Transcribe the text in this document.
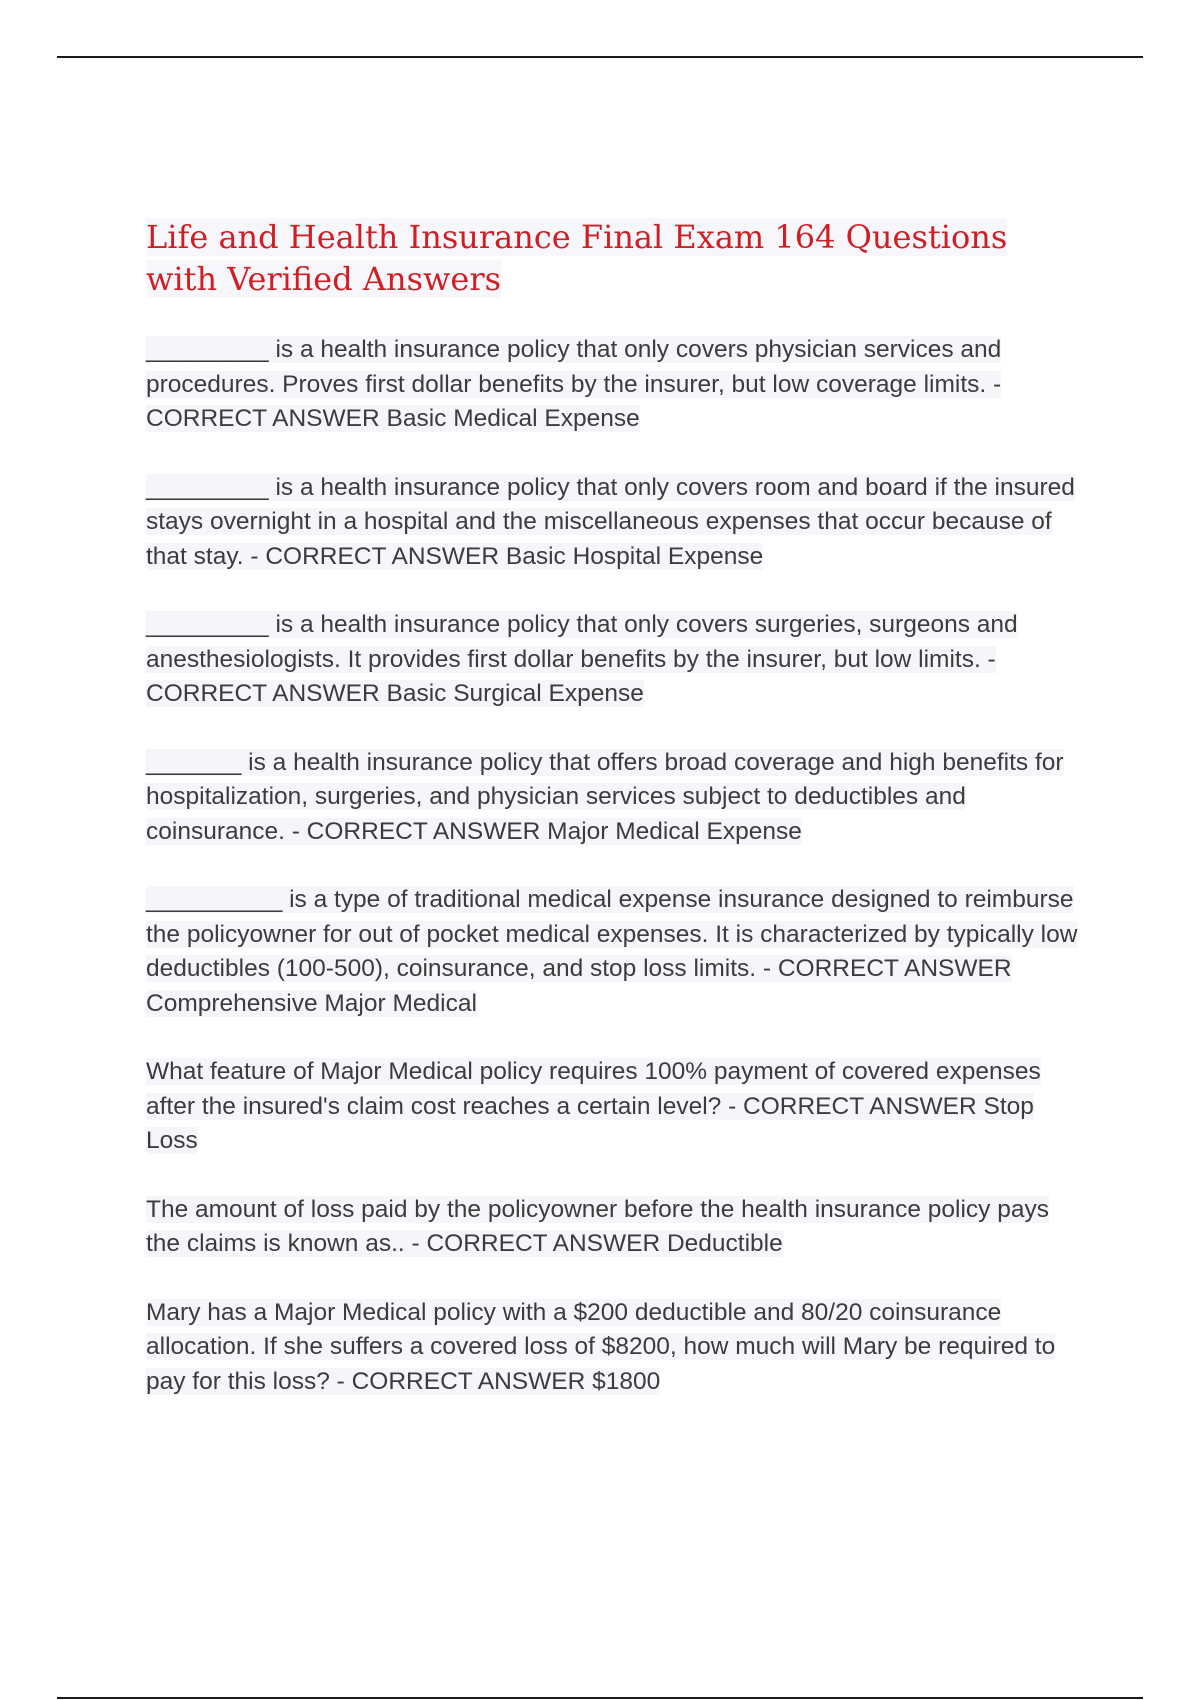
Life and Health Insurance Final Exam 164 Questions with Verified Answers

_________ is a health insurance policy that only covers physician services and procedures. Proves first dollar benefits by the insurer, but low coverage limits. - CORRECT ANSWER Basic Medical Expense

_________ is a health insurance policy that only covers room and board if the insured stays overnight in a hospital and the miscellaneous expenses that occur because of that stay. - CORRECT ANSWER Basic Hospital Expense

_________ is a health insurance policy that only covers surgeries, surgeons and anesthesiologists. It provides first dollar benefits by the insurer, but low limits. - CORRECT ANSWER Basic Surgical Expense

_______ is a health insurance policy that offers broad coverage and high benefits for hospitalization, surgeries, and physician services subject to deductibles and coinsurance. - CORRECT ANSWER Major Medical Expense

__________ is a type of traditional medical expense insurance designed to reimburse the policyowner for out of pocket medical expenses. It is characterized by typically low deductibles (100-500), coinsurance, and stop loss limits. - CORRECT ANSWER Comprehensive Major Medical

What feature of Major Medical policy requires 100% payment of covered expenses after the insured's claim cost reaches a certain level? - CORRECT ANSWER Stop Loss

The amount of loss paid by the policyowner before the health insurance policy pays the claims is known as.. - CORRECT ANSWER Deductible

Mary has a Major Medical policy with a $200 deductible and 80/20 coinsurance allocation. If she suffers a covered loss of $8200, how much will Mary be required to pay for this loss? - CORRECT ANSWER $1800
